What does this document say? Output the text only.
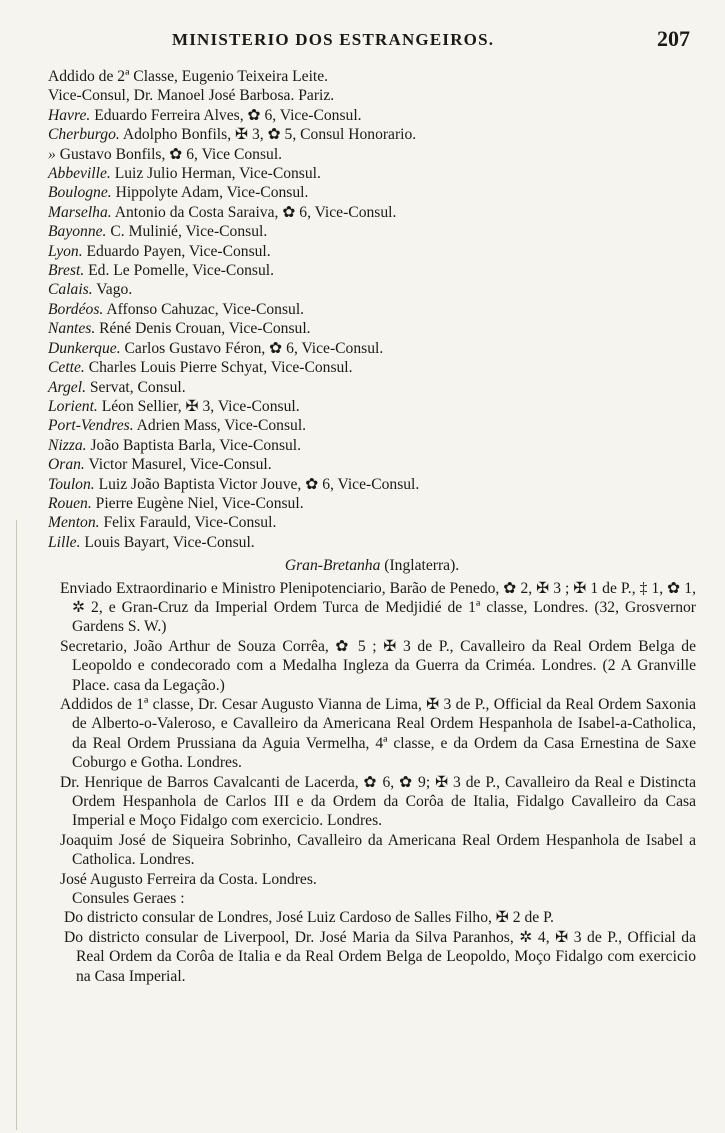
MINISTERIO DOS ESTRANGEIROS.	207
Addido de 2ª Classe, Eugenio Teixeira Leite.
Vice-Consul, Dr. Manoel José Barbosa. Pariz.
Havre. Eduardo Ferreira Alves, ✿ 6, Vice-Consul.
Cherburgo. Adolpho Bonfils, ✠ 3, ✿ 5, Consul Honorario.
» Gustavo Bonfils, ✿ 6, Vice Consul.
Abbeville. Luiz Julio Herman, Vice-Consul.
Boulogne. Hippolyte Adam, Vice-Consul.
Marselha. Antonio da Costa Saraiva, ✿ 6, Vice-Consul.
Bayonne. C. Mulinié, Vice-Consul.
Lyon. Eduardo Payen, Vice-Consul.
Brest. Ed. Le Pomelle, Vice-Consul.
Calais. Vago.
Bordéos. Affonso Cahuzac, Vice-Consul.
Nantes. Réné Denis Crouan, Vice-Consul.
Dunkerque. Carlos Gustavo Féron, ✿ 6, Vice-Consul.
Cette. Charles Louis Pierre Schyat, Vice-Consul.
Argel. Servat, Consul.
Lorient. Léon Sellier, ✠ 3, Vice-Consul.
Port-Vendres. Adrien Mass, Vice-Consul.
Nizza. João Baptista Barla, Vice-Consul.
Oran. Victor Masurel, Vice-Consul.
Toulon. Luiz João Baptista Victor Jouve, ✿ 6, Vice-Consul.
Rouen. Pierre Eugène Niel, Vice-Consul.
Menton. Felix Farauld, Vice-Consul.
Lille. Louis Bayart, Vice-Consul.
Gran-Bretanha (Inglaterra).
Enviado Extraordinario e Ministro Plenipotenciario, Barão de Penedo, ✿ 2, ✠ 3 ; ✠ 1 de P., ‡ 1, ✿ 1, ✲ 2, e Gran-Cruz da Imperial Ordem Turca de Medjidié de 1ª classe, Londres. (32, Grosvernor Gardens S. W.)
Secretario, João Arthur de Souza Corrêa, ✿ 5 ; ✠ 3 de P., Cavalleiro da Real Ordem Belga de Leopoldo e condecorado com a Medalha Ingleza da Guerra da Criméa. Londres. (2 A Granville Place. casa da Legação.)
Addidos de 1ª classe, Dr. Cesar Augusto Vianna de Lima, ✠ 3 de P., Official da Real Ordem Saxonia de Alberto-o-Valeroso, e Cavalleiro da Americana Real Ordem Hespanhola de Isabel-a-Catholica, da Real Ordem Prussiana da Aguia Vermelha, 4ª classe, e da Ordem da Casa Ernestina de Saxe Coburgo e Gotha. Londres.
Dr. Henrique de Barros Cavalcanti de Lacerda, ✿ 6, ✿ 9; ✠ 3 de P., Cavalleiro da Real e Distincta Ordem Hespanhola de Carlos III e da Ordem da Corôa de Italia, Fidalgo Cavalleiro da Casa Imperial e Moço Fidalgo com exercicio. Londres.
Joaquim José de Siqueira Sobrinho, Cavalleiro da Americana Real Ordem Hespanhola de Isabel a Catholica. Londres.
José Augusto Ferreira da Costa. Londres.
Consules Geraes :
Do districto consular de Londres, José Luiz Cardoso de Salles Filho, ✠ 2 de P.
Do districto consular de Liverpool, Dr. José Maria da Silva Paranhos, ✲ 4, ✠ 3 de P., Official da Real Ordem da Corôa de Italia e da Real Ordem Belga de Leopoldo, Moço Fidalgo com exercicio na Casa Imperial.
